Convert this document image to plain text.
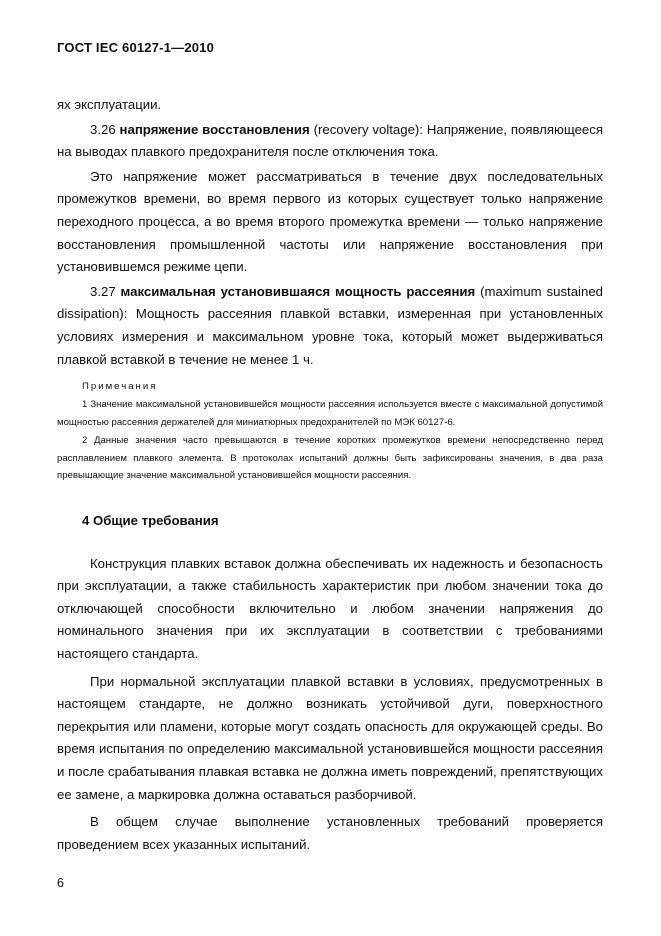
ГОСТ IEC 60127-1—2010

ях эксплуатации.

3.26 напряжение восстановления (recovery voltage): Напряжение, появляющееся на выводах плавкого предохранителя после отключения тока.

Это напряжение может рассматриваться в течение двух последовательных промежутков времени, во время первого из которых существует только напряжение переходного процесса, а во время второго промежутка времени — только напряжение восстановления промышленной частоты или напряжение восстановления при установившемся режиме цепи.

3.27 максимальная установившаяся мощность рассеяния (maximum sustained dissipation): Мощность рассеяния плавкой вставки, измеренная при установленных условиях измерения и максимальном уровне тока, который может выдерживаться плавкой вставкой в течение не менее 1 ч.

Примечания

1 Значение максимальной установившейся мощности рассеяния используется вместе с максимальной допустимой мощностью рассеяния держателей для миниатюрных предохранителей по МЭК 60127-6.

2 Данные значения часто превышаются в течение коротких промежутков времени непосредственно перед расплавлением плавкого элемента. В протоколах испытаний должны быть зафиксированы значения, в два раза превышающие значение максимальной установившейся мощности рассеяния.

4 Общие требования

Конструкция плавких вставок должна обеспечивать их надежность и безопасность при эксплуатации, а также стабильность характеристик при любом значении тока до отключающей способности включительно и любом значении напряжения до номинального значения при их эксплуатации в соответствии с требованиями настоящего стандарта.

При нормальной эксплуатации плавкой вставки в условиях, предусмотренных в настоящем стандарте, не должно возникать устойчивой дуги, поверхностного перекрытия или пламени, которые могут создать опасность для окружающей среды. Во время испытания по определению максимальной установившейся мощности рассеяния и после срабатывания плавкая вставка не должна иметь повреждений, препятствующих ее замене, а маркировка должна оставаться разборчивой.

В общем случае выполнение установленных требований проверяется проведением всех указанных испытаний.

6
